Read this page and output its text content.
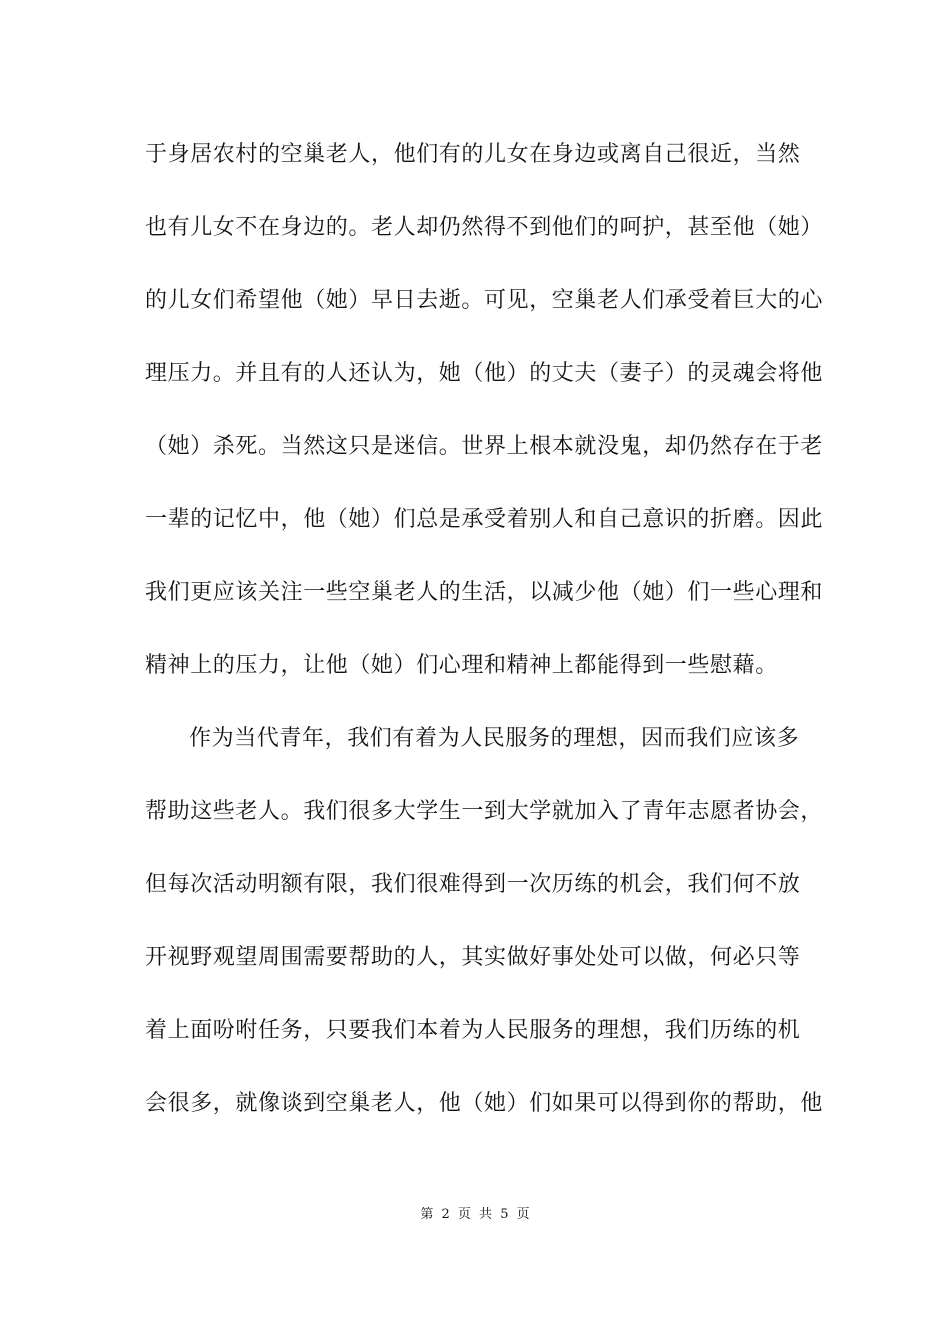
于身居农村的空巢老人，他们有的儿女在身边或离自己很近，当然
也有儿女不在身边的。老人却仍然得不到他们的呵护，甚至他（她）
的儿女们希望他（她）早日去逝。可见，空巢老人们承受着巨大的心
理压力。并且有的人还认为，她（他）的丈夫（妻子）的灵魂会将他
（她）杀死。当然这只是迷信。世界上根本就没鬼，却仍然存在于老
一辈的记忆中，他（她）们总是承受着别人和自己意识的折磨。因此
我们更应该关注一些空巢老人的生活，以减少他（她）们一些心理和
精神上的压力，让他（她）们心理和精神上都能得到一些慰藉。
作为当代青年，我们有着为人民服务的理想，因而我们应该多
帮助这些老人。我们很多大学生一到大学就加入了青年志愿者协会，
但每次活动明额有限，我们很难得到一次历练的机会，我们何不放
开视野观望周围需要帮助的人，其实做好事处处可以做，何必只等
着上面吩咐任务，只要我们本着为人民服务的理想，我们历练的机
会很多，就像谈到空巢老人，他（她）们如果可以得到你的帮助，他
第 2 页 共 5 页
